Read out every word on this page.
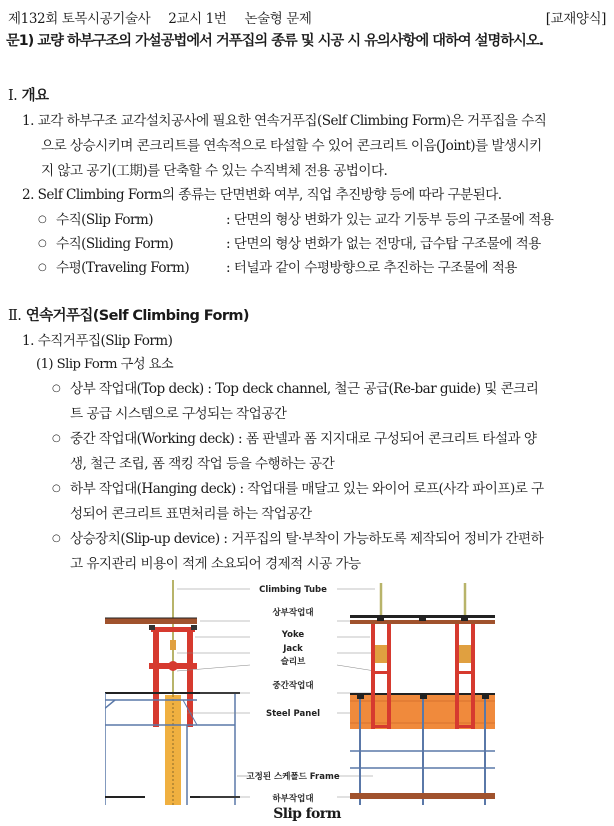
제132회 토목시공기술사 2교시 1번 논술형 문제	[교재양식]
문1) 교량 하부구조의 가설공법에서 거푸집의 종류 및 시공 시 유의사항에 대하여 설명하시오.
Ⅰ. 개요
1. 교각 하부구조 교각설치공사에 필요한 연속거푸집(Self Climbing Form)은 거푸집을 수직
으로 상승시키며 콘크리트를 연속적으로 타설할 수 있어 콘크리트 이음(Joint)를 발생시키
지 않고 공기(工期)를 단축할 수 있는 수직벽체 전용 공법이다.
2. Self Climbing Form의 종류는 단면변화 여부, 직업 추진방향 등에 따라 구분된다.
○ 수직(Slip Form)	: 단면의 형상 변화가 있는 교각 기둥부 등의 구조물에 적용
○ 수직(Sliding Form)	: 단면의 형상 변화가 없는 전망대, 급수탑 구조물에 적용
○ 수평(Traveling Form)	: 터널과 같이 수평방향으로 추진하는 구조물에 적용
Ⅱ. 연속거푸집(Self Climbing Form)
1. 수직거푸집(Slip Form)
(1) Slip Form 구성 요소
○ 상부 작업대(Top deck) : Top deck channel, 철근 공급(Re-bar guide) 및 콘크리
트 공급 시스템으로 구성되는 작업공간
○ 중간 작업대(Working deck) : 폼 판넬과 폼 지지대로 구성되어 콘크리트 타설과 양
생, 철근 조립, 폼 잭킹 작업 등을 수행하는 공간
○ 하부 작업대(Hanging deck) : 작업대를 매달고 있는 와이어 로프(사각 파이프)로 구
성되어 콘크리트 표면처리를 하는 작업공간
○ 상승장치(Slip-up device) : 거푸집의 탈·부착이 가능하도록 제작되어 정비가 간편하
고 유지관리 비용이 적게 소요되어 경제적 시공 가능
Climbing Tube
상부작업대
Yoke
Jack
슬리브
중간작업대
Steel Panel
고정된 스케폴드 Frame
하부작업대
Slip form
